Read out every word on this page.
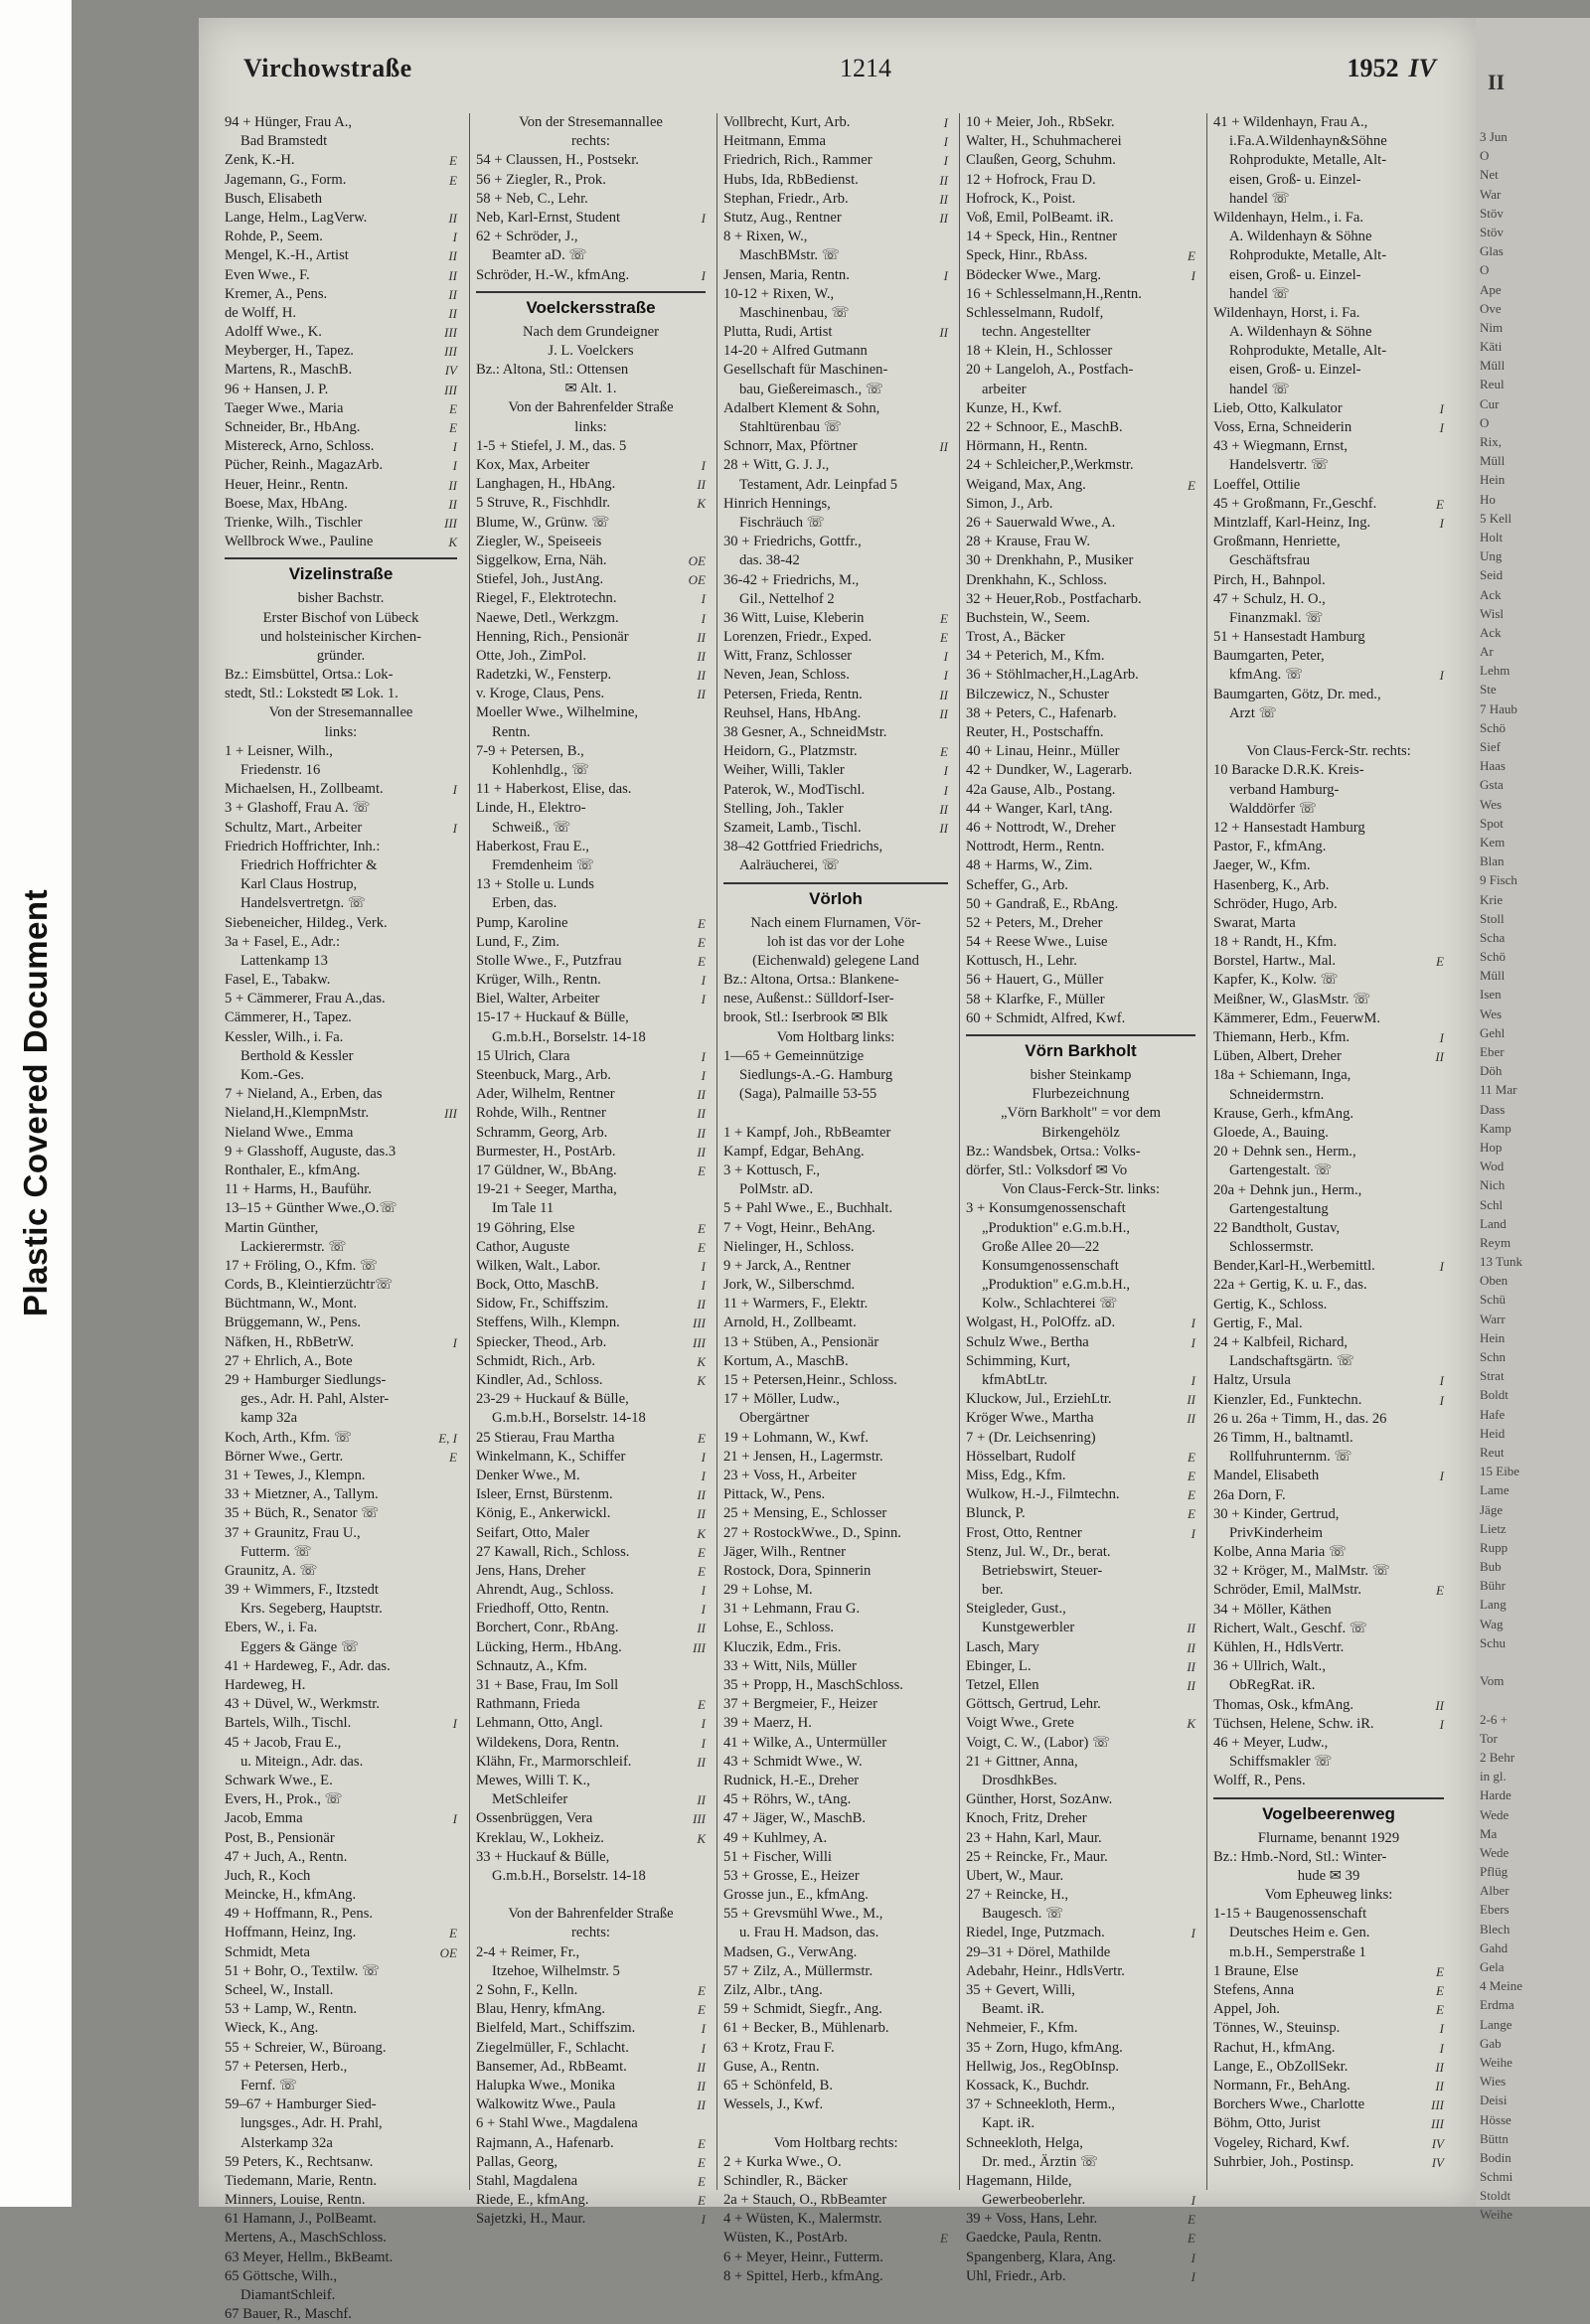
Plastic Covered Document
Virchowstraße	1214	1952 IV
94 + Hünger, Frau A.,
Bad Bramstedt
Zenk, K.-H.	E
Jagemann, G., Form.	E
Busch, Elisabeth
Lange, Helm., LagVerw.	II
Rohde, P., Seem.	I
Mengel, K.-H., Artist	II
Even Wwe., F.	II
Kremer, A., Pens.	II
de Wolff, H.	II
Adolff Wwe., K.	III
Meyberger, H., Tapez.	III
Martens, R., MaschB.	IV
96 + Hansen, J. P.	III
Taeger Wwe., Maria	E
Schneider, Br., HbAng.	E
Mistereck, Arno, Schloss.	I
Pücher, Reinh., MagazArb.	I
Heuer, Heinr., Rentn.	II
Boese, Max, HbAng.	II
Trienke, Wilh., Tischler	III
Wellbrock Wwe., Pauline	K
Vizelinstraße
bisher Bachstr.
Erster Bischof von Lübeck
und holsteinischer Kirchen-
gründer.
Bz.: Eimsbüttel, Ortsa.: Lok-
stedt, Stl.: Lokstedt ✉ Lok. 1.
Von der Stresemannallee
links:
1 + Leisner, Wilh.,
Friedenstr. 16
Michaelsen, H., Zollbeamt.	I
3 + Glashoff, Frau A. ☏
Schultz, Mart., Arbeiter	I
Friedrich Hoffrichter, Inh.:
Friedrich Hoffrichter &
Karl Claus Hostrup,
Handelsvertretgn. ☏
Siebeneicher, Hildeg., Verk.
3a + Fasel, E., Adr.:
Lattenkamp 13
Fasel, E., Tabakw.
5 + Cämmerer, Frau A.,das.
Cämmerer, H., Tapez.
Kessler, Wilh., i. Fa.
Berthold & Kessler
Kom.-Ges.
7 + Nieland, A., Erben, das
Nieland,H.,KlempnMstr.	III
Nieland Wwe., Emma
9 + Glasshoff, Auguste, das.3
Ronthaler, E., kfmAng.
11 + Harms, H., Bauführ.
13–15 + Günther Wwe.,O.☏
Martin Günther,
Lackierermstr. ☏
17 + Fröling, O., Kfm. ☏
Cords, B., Kleintierzüchtr☏
Büchtmann, W., Mont.
Brüggemann, W., Pens.
Näfken, H., RbBetrW.	I
27 + Ehrlich, A., Bote
29 + Hamburger Siedlungs-
ges., Adr. H. Pahl, Alster-
kamp 32a
Koch, Arth., Kfm. ☏	E, I
Börner Wwe., Gertr.	E
31 + Tewes, J., Klempn.
33 + Mietzner, A., Tallym.
35 + Büch, R., Senator ☏
37 + Graunitz, Frau U.,
Futterm. ☏
Graunitz, A. ☏
39 + Wimmers, F., Itzstedt
Krs. Segeberg, Hauptstr.
Ebers, W., i. Fa.
Eggers & Gänge ☏
41 + Hardeweg, F., Adr. das.
Hardeweg, H.
43 + Düvel, W., Werkmstr.
Bartels, Wilh., Tischl.	I
45 + Jacob, Frau E.,
u. Miteign., Adr. das.
Schwark Wwe., E.
Evers, H., Prok., ☏
Jacob, Emma	I
Post, B., Pensionär
47 + Juch, A., Rentn.
Juch, R., Koch
Meincke, H., kfmAng.
49 + Hoffmann, R., Pens.
Hoffmann, Heinz, Ing.	E
Schmidt, Meta	OE
51 + Bohr, O., Textilw. ☏
Scheel, W., Install.
53 + Lamp, W., Rentn.
Wieck, K., Ang.
55 + Schreier, W., Büroang.
57 + Petersen, Herb.,
Fernf. ☏
59–67 + Hamburger Sied-
lungsges., Adr. H. Prahl,
Alsterkamp 32a
59 Peters, K., Rechtsanw.
Tiedemann, Marie, Rentn.
Minners, Louise, Rentn.
61 Hamann, J., PolBeamt.
Mertens, A., MaschSchloss.
63 Meyer, Hellm., BkBeamt.
65 Göttsche, Wilh.,
DiamantSchleif.
67 Bauer, R., Maschf.
Von der Stresemannallee
rechts:
54 + Claussen, H., Postsekr.
56 + Ziegler, R., Prok.
58 + Neb, C., Lehr.
Neb, Karl-Ernst, Student	I
62 + Schröder, J.,
Beamter aD. ☏
Schröder, H.-W., kfmAng.	I
Voelckersstraße
Nach dem Grundeigner
J. L. Voelckers
Bz.: Altona, Stl.: Ottensen
✉ Alt. 1.
Von der Bahrenfelder Straße
links:
1-5 + Stiefel, J. M., das. 5
Kox, Max, Arbeiter	I
Langhagen, H., HbAng.	II
5 Struve, R., Fischhdlr.	K
Blume, W., Grünw. ☏
Ziegler, W., Speiseeis
Siggelkow, Erna, Näh.	OE
Stiefel, Joh., JustAng.	OE
Riegel, F., Elektrotechn.	I
Naewe, Detl., Werkzgm.	I
Henning, Rich., Pensionär	II
Otte, Joh., ZimPol.	II
Radetzki, W., Fensterp.	II
v. Kroge, Claus, Pens.	II
Moeller Wwe., Wilhelmine,
Rentn.
7-9 + Petersen, B.,
Kohlenhdlg., ☏
11 + Haberkost, Elise, das.
Linde, H., Elektro-
Schweiß., ☏
Haberkost, Frau E.,
Fremdenheim ☏
13 + Stolle u. Lunds
Erben, das.
Pump, Karoline	E
Lund, F., Zim.	E
Stolle Wwe., F., Putzfrau	E
Krüger, Wilh., Rentn.	I
Biel, Walter, Arbeiter	I
15-17 + Huckauf & Bülle,
G.m.b.H., Borselstr. 14-18
15 Ulrich, Clara	I
Steenbuck, Marg., Arb.	I
Ader, Wilhelm, Rentner	II
Rohde, Wilh., Rentner	II
Schramm, Georg, Arb.	II
Burmester, H., PostArb.	II
17 Güldner, W., BbAng.	E
19-21 + Seeger, Martha,
Im Tale 11
19 Göhring, Else	E
Cathor, Auguste	E
Wilken, Walt., Labor.	I
Bock, Otto, MaschB.	I
Sidow, Fr., Schiffszim.	II
Steffens, Wilh., Klempn.	III
Spiecker, Theod., Arb.	III
Schmidt, Rich., Arb.	K
Kindler, Ad., Schloss.	K
23-29 + Huckauf & Bülle,
G.m.b.H., Borselstr. 14-18
25 Stierau, Frau Martha	E
Winkelmann, K., Schiffer	I
Denker Wwe., M.	I
Isleer, Ernst, Bürstenm.	II
König, E., Ankerwickl.	II
Seifart, Otto, Maler	K
27 Kawall, Rich., Schloss.	E
Jens, Hans, Dreher	E
Ahrendt, Aug., Schloss.	I
Friedhoff, Otto, Rentn.	I
Borchert, Conr., RbAng.	II
Lücking, Herm., HbAng.	III
Schnautz, A., Kfm.
31 + Base, Frau, Im Soll
Rathmann, Frieda	E
Lehmann, Otto, Angl.	I
Wildekens, Dora, Rentn.	I
Klähn, Fr., Marmorschleif.	II
Mewes, Willi T. K.,
MetSchleifer	II
Ossenbrüggen, Vera	III
Kreklau, W., Lokheiz.	K
33 + Huckauf & Bülle,
G.m.b.H., Borselstr. 14-18
Von der Bahrenfelder Straße
rechts:
2-4 + Reimer, Fr.,
Itzehoe, Wilhelmstr. 5
2 Sohn, F., Kelln.	E
Blau, Henry, kfmAng.	E
Bielfeld, Mart., Schiffszim.	I
Ziegelmüller, F., Schlacht.	I
Bansemer, Ad., RbBeamt.	II
Halupka Wwe., Monika	II
Walkowitz Wwe., Paula	II
6 + Stahl Wwe., Magdalena
Rajmann, A., Hafenarb.	E
Pallas, Georg,	E
Stahl, Magdalena	E
Riede, E., kfmAng.	E
Sajetzki, H., Maur.	I
Vollbrecht, Kurt, Arb.	I
Heitmann, Emma	I
Friedrich, Rich., Rammer	I
Hubs, Ida, RbBedienst.	II
Stephan, Friedr., Arb.	II
Stutz, Aug., Rentner	II
8 + Rixen, W.,
MaschBMstr. ☏
Jensen, Maria, Rentn.	I
10-12 + Rixen, W.,
Maschinenbau, ☏
Plutta, Rudi, Artist	II
14-20 + Alfred Gutmann
Gesellschaft für Maschinen-
bau, Gießereimasch., ☏
Adalbert Klement & Sohn,
Stahltürenbau ☏
Schnorr, Max, Pförtner	II
28 + Witt, G. J. J.,
Testament, Adr. Leinpfad 5
Hinrich Hennings,
Fischräuch ☏
30 + Friedrichs, Gottfr.,
das. 38-42
36-42 + Friedrichs, M.,
Gil., Nettelhof 2
36 Witt, Luise, Kleberin	E
Lorenzen, Friedr., Exped.	E
Witt, Franz, Schlosser	I
Neven, Jean, Schloss.	I
Petersen, Frieda, Rentn.	II
Reuhsel, Hans, HbAng.	II
38 Gesner, A., SchneidMstr.
Heidorn, G., Platzmstr.	E
Weiher, Willi, Takler	I
Paterok, W., ModTischl.	I
Stelling, Joh., Takler	II
Szameit, Lamb., Tischl.	II
38–42 Gottfried Friedrichs,
Aalräucherei, ☏
Vörloh
Nach einem Flurnamen, Vör-
loh ist das vor der Lohe
(Eichenwald) gelegene Land
Bz.: Altona, Ortsa.: Blankene-
nese, Außenst.: Sülldorf-Iser-
brook, Stl.: Iserbrook ✉ Blk
Vom Holtbarg links:
1—65 + Gemeinnützige
Siedlungs-A.-G. Hamburg
(Saga), Palmaille 53-55
1 + Kampf, Joh., RbBeamter
Kampf, Edgar, BehAng.
3 + Kottusch, F.,
PolMstr. aD.
5 + Pahl Wwe., E., Buchhalt.
7 + Vogt, Heinr., BehAng.
Nielinger, H., Schloss.
9 + Jarck, A., Rentner
Jork, W., Silberschmd.
11 + Warmers, F., Elektr.
Arnold, H., Zollbeamt.
13 + Stüben, A., Pensionär
Kortum, A., MaschB.
15 + Petersen,Heinr., Schloss.
17 + Möller, Ludw.,
Obergärtner
19 + Lohmann, W., Kwf.
21 + Jensen, H., Lagermstr.
23 + Voss, H., Arbeiter
Pittack, W., Pens.
25 + Mensing, E., Schlosser
27 + RostockWwe., D., Spinn.
Jäger, Wilh., Rentner
Rostock, Dora, Spinnerin
29 + Lohse, M.
31 + Lehmann, Frau G.
Lohse, E., Schloss.
Kluczik, Edm., Fris.
33 + Witt, Nils, Müller
35 + Propp, H., MaschSchloss.
37 + Bergmeier, F., Heizer
39 + Maerz, H.
41 + Wilke, A., Untermüller
43 + Schmidt Wwe., W.
Rudnick, H.-E., Dreher
45 + Röhrs, W., tAng.
47 + Jäger, W., MaschB.
49 + Kuhlmey, A.
51 + Fischer, Willi
53 + Grosse, E., Heizer
Grosse jun., E., kfmAng.
55 + Grevsmühl Wwe., M.,
u. Frau H. Madson, das.
Madsen, G., VerwAng.
57 + Zilz, A., Müllermstr.
Zilz, Albr., tAng.
59 + Schmidt, Siegfr., Ang.
61 + Becker, B., Mühlenarb.
63 + Krotz, Frau F.
Guse, A., Rentn.
65 + Schönfeld, B.
Wessels, J., Kwf.
Vom Holtbarg rechts:
2 + Kurka Wwe., O.
Schindler, R., Bäcker
2a + Stauch, O., RbBeamter
4 + Wüsten, K., Malermstr.
Wüsten, K., PostArb.	E
6 + Meyer, Heinr., Futterm.
8 + Spittel, Herb., kfmAng.
10 + Meier, Joh., RbSekr.
Walter, H., Schuhmacherei
Claußen, Georg, Schuhm.
12 + Hofrock, Frau D.
Hofrock, K., Poist.
Voß, Emil, PolBeamt. iR.
14 + Speck, Hin., Rentner
Speck, Hinr., RbAss.	E
Bödecker Wwe., Marg.	I
16 + Schlesselmann,H.,Rentn.
Schlesselmann, Rudolf,
techn. Angestellter
18 + Klein, H., Schlosser
20 + Langeloh, A., Postfach-
arbeiter
Kunze, H., Kwf.
22 + Schnoor, E., MaschB.
Hörmann, H., Rentn.
24 + Schleicher,P.,Werkmstr.
Weigand, Max, Ang.	E
Simon, J., Arb.
26 + Sauerwald Wwe., A.
28 + Krause, Frau W.
30 + Drenkhahn, P., Musiker
Drenkhahn, K., Schloss.
32 + Heuer,Rob., Postfacharb.
Buchstein, W., Seem.
Trost, A., Bäcker
34 + Peterich, M., Kfm.
36 + Stöhlmacher,H.,LagArb.
Bilczewicz, N., Schuster
38 + Peters, C., Hafenarb.
Reuter, H., Postschaffn.
40 + Linau, Heinr., Müller
42 + Dundker, W., Lagerarb.
42a Gause, Alb., Postang.
44 + Wanger, Karl, tAng.
46 + Nottrodt, W., Dreher
Nottrodt, Herm., Rentn.
48 + Harms, W., Zim.
Scheffer, G., Arb.
50 + Gandraß, E., RbAng.
52 + Peters, M., Dreher
54 + Reese Wwe., Luise
Kottusch, H., Lehr.
56 + Hauert, G., Müller
58 + Klarfke, F., Müller
60 + Schmidt, Alfred, Kwf.
Vörn Barkholt
bisher Steinkamp
Flurbezeichnung
„Vörn Barkholt" = vor dem
Birkengehölz
Bz.: Wandsbek, Ortsa.: Volks-
dörfer, Stl.: Volksdorf ✉ Vo
Von Claus-Ferck-Str. links:
3 + Konsumgenossenschaft
„Produktion" e.G.m.b.H.,
Große Allee 20—22
Konsumgenossenschaft
„Produktion" e.G.m.b.H.,
Kolw., Schlachterei ☏
Wolgast, H., PolOffz. aD.	I
Schulz Wwe., Bertha	I
Schimming, Kurt,
kfmAbtLtr.	I
Kluckow, Jul., ErziehLtr.	II
Kröger Wwe., Martha	II
7 + (Dr. Leichsenring)
Hösselbart, Rudolf	E
Miss, Edg., Kfm.	E
Wulkow, H.-J., Filmtechn.	E
Blunck, P.	E
Frost, Otto, Rentner	I
Stenz, Jul. W., Dr., berat.
Betriebswirt, Steuer-
ber.
Steigleder, Gust.,
Kunstgewerbler	II
Lasch, Mary	II
Ebinger, L.	II
Tetzel, Ellen	II
Göttsch, Gertrud, Lehr.
Voigt Wwe., Grete	K
Voigt, C. W., (Labor) ☏
21 + Gittner, Anna,
DrosdhkBes.
Günther, Horst, SozAnw.
Knoch, Fritz, Dreher
23 + Hahn, Karl, Maur.
25 + Reincke, Fr., Maur.
Ubert, W., Maur.
27 + Reincke, H.,
Baugesch. ☏
Riedel, Inge, Putzmach.	I
29–31 + Dörel, Mathilde
Adebahr, Heinr., HdlsVertr.
35 + Gevert, Willi,
Beamt. iR.
Nehmeier, F., Kfm.
35 + Zorn, Hugo, kfmAng.
Hellwig, Jos., RegObInsp.
Kossack, K., Buchdr.
37 + Schneekloth, Herm.,
Kapt. iR.
Schneekloth, Helga,
Dr. med., Ärztin ☏
Hagemann, Hilde,
Gewerbeoberlehr.	I
39 + Voss, Hans, Lehr.	E
Gaedcke, Paula, Rentn.	E
Spangenberg, Klara, Ang.	I
Uhl, Friedr., Arb.	I
41 + Wildenhayn, Frau A.,
i.Fa.A.Wildenhayn&Söhne
Rohprodukte, Metalle, Alt-
eisen, Groß- u. Einzel-
handel ☏
Wildenhayn, Helm., i. Fa.
A. Wildenhayn & Söhne
Rohprodukte, Metalle, Alt-
eisen, Groß- u. Einzel-
handel ☏
Wildenhayn, Horst, i. Fa.
A. Wildenhayn & Söhne
Rohprodukte, Metalle, Alt-
eisen, Groß- u. Einzel-
handel ☏
Lieb, Otto, Kalkulator	I
Voss, Erna, Schneiderin	I
43 + Wiegmann, Ernst,
Handelsvertr. ☏
Loeffel, Ottilie
45 + Großmann, Fr.,Geschf.	E
Mintzlaff, Karl-Heinz, Ing.	I
Großmann, Henriette,
Geschäftsfrau
Pirch, H., Bahnpol.
47 + Schulz, H. O.,
Finanzmakl. ☏
51 + Hansestadt Hamburg
Baumgarten, Peter,
kfmAng. ☏	I
Baumgarten, Götz, Dr. med.,
Arzt ☏
Von Claus-Ferck-Str. rechts:
10 Baracke D.R.K. Kreis-
verband Hamburg-
Walddörfer ☏
12 + Hansestadt Hamburg
Pastor, F., kfmAng.
Jaeger, W., Kfm.
Hasenberg, K., Arb.
Schröder, Hugo, Arb.
Swarat, Marta
18 + Randt, H., Kfm.
Borstel, Hartw., Mal.	E
Kapfer, K., Kolw. ☏
Meißner, W., GlasMstr. ☏
Kämmerer, Edm., FeuerwM.
Thiemann, Herb., Kfm.	I
Lüben, Albert, Dreher	II
18a + Schiemann, Inga,
Schneidermstrn.
Krause, Gerh., kfmAng.
Gloede, A., Bauing.
20 + Dehnk sen., Herm.,
Gartengestalt. ☏
20a + Dehnk jun., Herm.,
Gartengestaltung
22 Bandtholt, Gustav,
Schlossermstr.
Bender,Karl-H.,Werbemittl.	I
22a + Gertig, K. u. F., das.
Gertig, K., Schloss.
Gertig, F., Mal.
24 + Kalbfeil, Richard,
Landschaftsgärtn. ☏
Haltz, Ursula	I
Kienzler, Ed., Funktechn.	I
26 u. 26a + Timm, H., das. 26
26 Timm, H., baltnamtl.
Rollfuhrunternm. ☏
Mandel, Elisabeth	I
26a Dorn, F.
30 + Kinder, Gertrud,
PrivKinderheim
Kolbe, Anna Maria ☏
32 + Kröger, M., MalMstr. ☏
Schröder, Emil, MalMstr.	E
34 + Möller, Käthen
Richert, Walt., Geschf. ☏
Kühlen, H., HdlsVertr.
36 + Ullrich, Walt.,
ObRegRat. iR.
Thomas, Osk., kfmAng.	II
Tüchsen, Helene, Schw. iR.	I
46 + Meyer, Ludw.,
Schiffsmakler ☏
Wolff, R., Pens.
Vogelbeerenweg
Flurname, benannt 1929
Bz.: Hmb.-Nord, Stl.: Winter-
hude ✉ 39
Vom Epheuweg links:
1-15 + Baugenossenschaft
Deutsches Heim e. Gen.
m.b.H., Semperstraße 1
1 Braune, Else	E
Stefens, Anna	E
Appel, Joh.	E
Tönnes, W., Steuinsp.	I
Rachut, H., kfmAng.	I
Lange, E., ObZollSekr.	II
Normann, Fr., BehAng.	II
Borchers Wwe., Charlotte	III
Böhm, Otto, Jurist	III
Vogeley, Richard, Kwf.	IV
Suhrbier, Joh., Postinsp.	IV
II
3 Jun
O
Net
War
Stöv
Stöv
Glas
O
Ape
Ove
Nim
Käti
Müll
Reul
Cur
O
Rix,
Müll
Hein
Ho
5 Kell
Holt
Ung
Seid
Ack
Wisl
Ack
Ar
Lehm
Ste
7 Haub
Schö
Sief
Haas
Gsta
Wes
Spot
Kem
Blan
9 Fisch
Krie
Stoll
Scha
Schö
Müll
Isen
Wes
Gehl
Eber
Döh
11 Mar
Dass
Kamp
Hop
Wod
Nich
Schl
Land
Reym
13 Tunk
Oben
Schü
Warr
Hein
Schn
Strat
Boldt
Hafe
Heid
Reut
15 Eibe
Lame
Jäge
Lietz
Rupp
Bub
Bühr
Lang
Wag
Schu
Vom
2-6 +
Tor
2 Behr
in gl.
Harde
Wede
Ma
Wede
Pflüg
Alber
Ebers
Blech
Gahd
Gela
4 Meine
Erdma
Lange
Gab
Weihe
Wies
Deisi
Hösse
Büttn
Bodin
Schmi
Stoldt
Weihe
